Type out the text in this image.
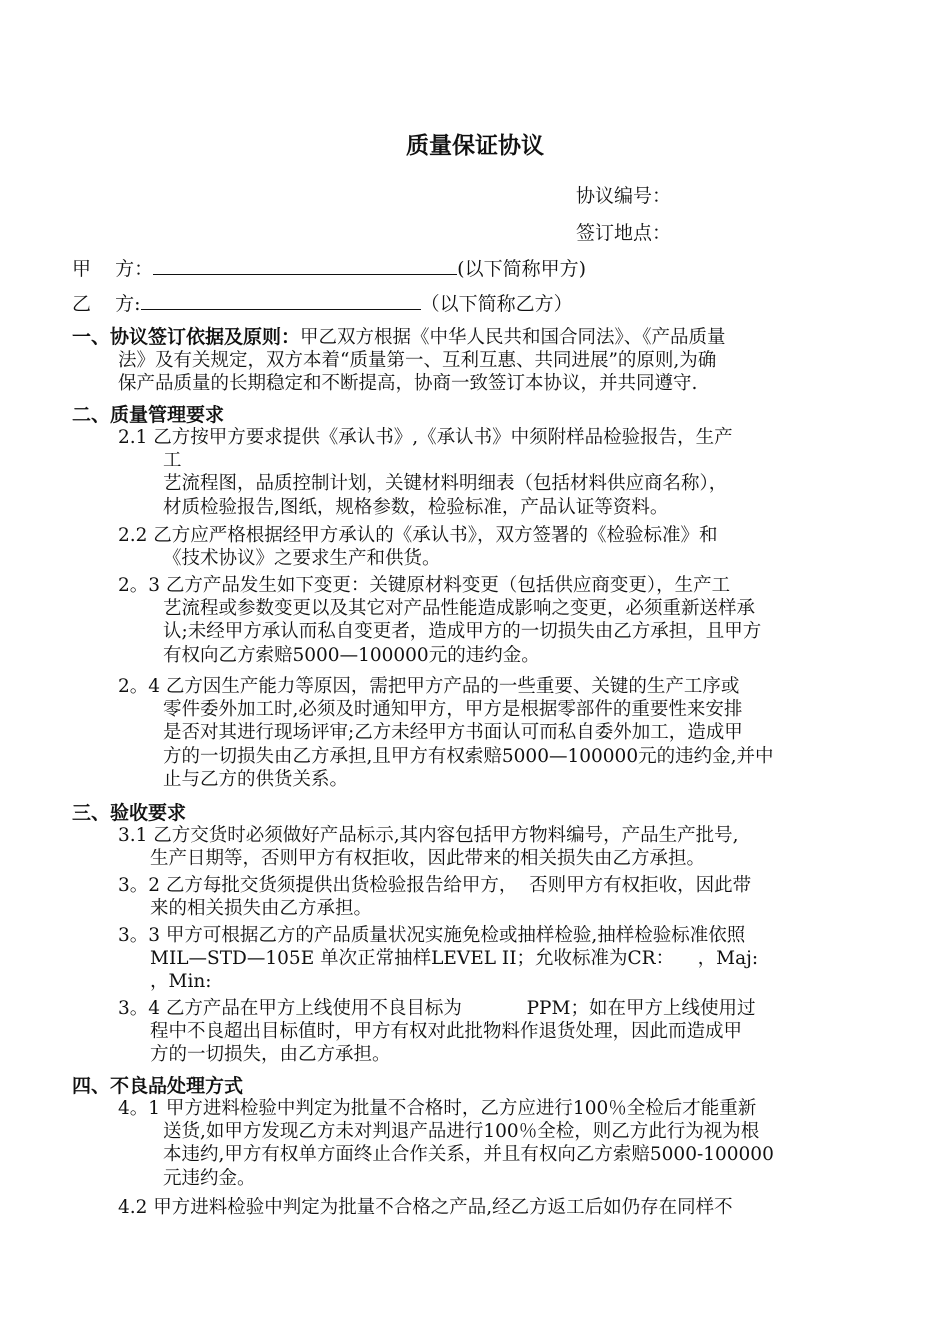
质量保证协议
协议编号：
签订地点：
甲    方：	(以下简称甲方)
乙    方:	（以下简称乙方）
一、协议签订依据及原则：甲乙双方根据《中华人民共和国合同法》、《产品质量
法》及有关规定，双方本着“质量第一、互利互惠、共同进展”的原则,为确
保产品质量的长期稳定和不断提高，协商一致签订本协议，并共同遵守.
二、质量管理要求
2.1 乙方按甲方要求提供《承认书》,《承认书》中须附样品检验报告，生产
工
艺流程图，品质控制计划，关键材料明细表（包括材料供应商名称），
材质检验报告,图纸，规格参数，检验标准，产品认证等资料。
2.2 乙方应严格根据经甲方承认的《承认书》，双方签署的《检验标准》和
《技术协议》之要求生产和供货。
2。3 乙方产品发生如下变更：关键原材料变更（包括供应商变更），生产工
艺流程或参数变更以及其它对产品性能造成影响之变更，必须重新送样承
认;未经甲方承认而私自变更者，造成甲方的一切损失由乙方承担，且甲方
有权向乙方索赔5000—100000元的违约金。
2。4 乙方因生产能力等原因，需把甲方产品的一些重要、关键的生产工序或
零件委外加工时,必须及时通知甲方，甲方是根据零部件的重要性来安排
是否对其进行现场评审;乙方未经甲方书面认可而私自委外加工，造成甲
方的一切损失由乙方承担,且甲方有权索赔5000—100000元的违约金,并中
止与乙方的供货关系。
三、验收要求
3.1 乙方交货时必须做好产品标示,其内容包括甲方物料编号，产品生产批号,
生产日期等，否则甲方有权拒收，因此带来的相关损失由乙方承担。
3。2 乙方每批交货须提供出货检验报告给甲方，  否则甲方有权拒收，因此带
来的相关损失由乙方承担。
3。3 甲方可根据乙方的产品质量状况实施免检或抽样检验,抽样检验标准依照
MIL—STD—105E 单次正常抽样LEVEL II；允收标准为CR：    ，Maj:
，Min:
3。4 乙方产品在甲方上线使用不良目标为           PPM；如在甲方上线使用过
程中不良超出目标值时，甲方有权对此批物料作退货处理，因此而造成甲
方的一切损失，由乙方承担。
四、不良品处理方式
4。1 甲方进料检验中判定为批量不合格时，乙方应进行100％全检后才能重新
送货,如甲方发现乙方未对判退产品进行100％全检，则乙方此行为视为根
本违约,甲方有权单方面终止合作关系，并且有权向乙方索赔5000-100000
元违约金。
4.2 甲方进料检验中判定为批量不合格之产品,经乙方返工后如仍存在同样不
